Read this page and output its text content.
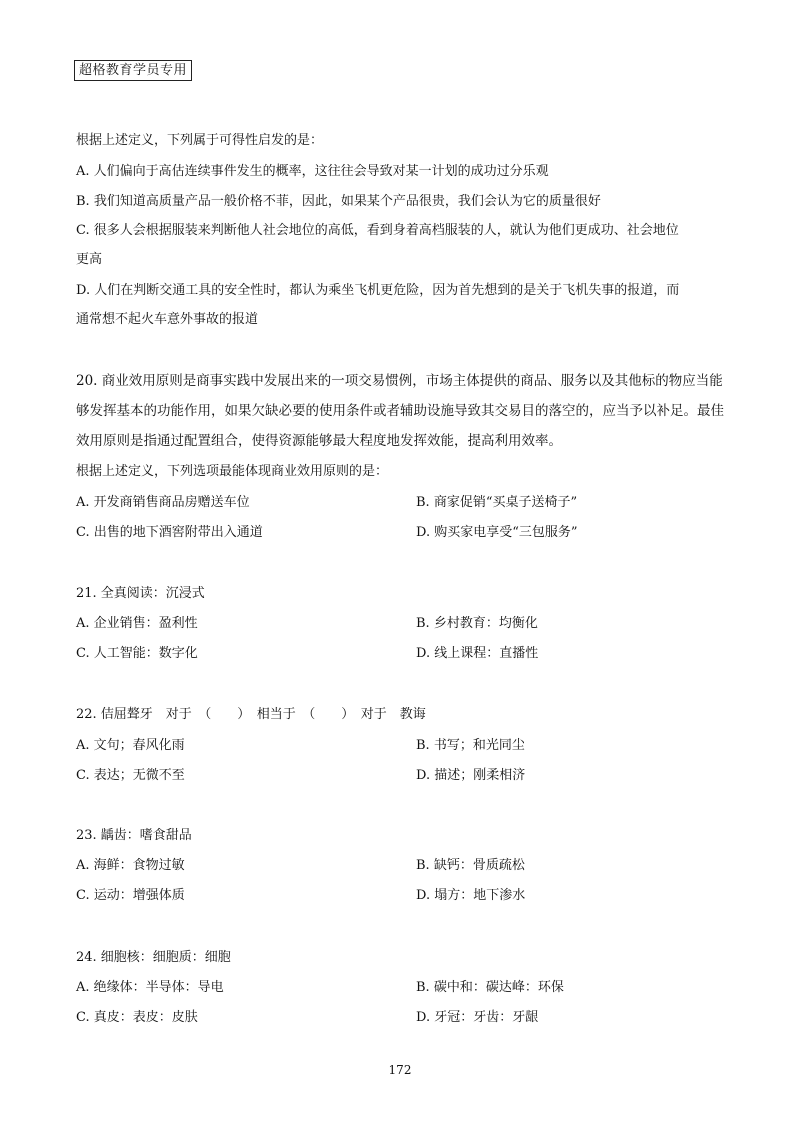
超格教育学员专用
根据上述定义，下列属于可得性启发的是：
A. 人们偏向于高估连续事件发生的概率，这往往会导致对某一计划的成功过分乐观
B. 我们知道高质量产品一般价格不菲，因此，如果某个产品很贵，我们会认为它的质量很好
C. 很多人会根据服装来判断他人社会地位的高低，看到身着高档服装的人，就认为他们更成功、社会地位
更高
D. 人们在判断交通工具的安全性时，都认为乘坐飞机更危险，因为首先想到的是关于飞机失事的报道，而
通常想不起火车意外事故的报道
20. 商业效用原则是商事实践中发展出来的一项交易惯例，市场主体提供的商品、服务以及其他标的物应当能够发挥基本的功能作用，如果欠缺必要的使用条件或者辅助设施导致其交易目的落空的，应当予以补足。最佳效用原则是指通过配置组合，使得资源能够最大程度地发挥效能，提高利用效率。
根据上述定义，下列选项最能体现商业效用原则的是：
A. 开发商销售商品房赠送车位	B. 商家促销“买桌子送椅子”
C. 出售的地下酒窖附带出入通道	D. 购买家电享受“三包服务”
21. 全真阅读：沉浸式
A. 企业销售：盈利性	B. 乡村教育：均衡化
C. 人工智能：数字化	D. 线上课程：直播性
22. 佶屈聱牙　对于　（　　）　相当于　（　　）　对于　教诲
A. 文句；春风化雨	B. 书写；和光同尘
C. 表达；无微不至	D. 描述；刚柔相济
23. 龋齿：嗜食甜品
A. 海鲜：食物过敏	B. 缺钙：骨质疏松
C. 运动：增强体质	D. 塌方：地下渗水
24. 细胞核：细胞质：细胞
A. 绝缘体：半导体：导电	B. 碳中和：碳达峰：环保
C. 真皮：表皮：皮肤	D. 牙冠：牙齿：牙龈
172
